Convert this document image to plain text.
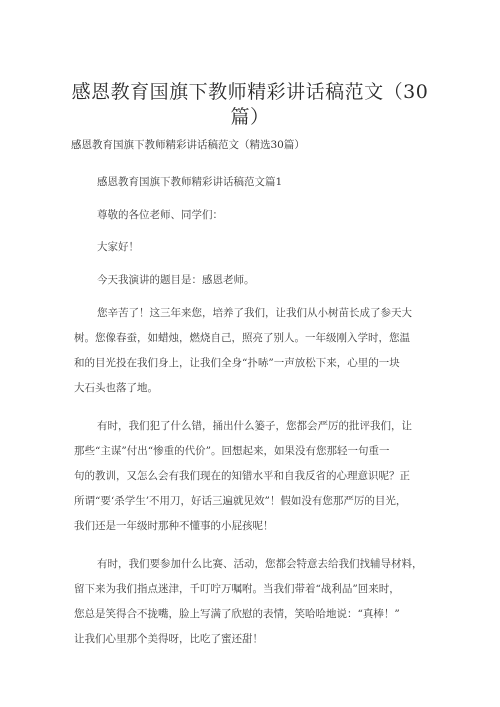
感恩教育国旗下教师精彩讲话稿范文（30篇）
感恩教育国旗下教师精彩讲话稿范文（精选30篇）
感恩教育国旗下教师精彩讲话稿范文篇1
尊敬的各位老师、同学们：
大家好！
今天我演讲的题目是：感恩老师。
您辛苦了！这三年来您，培养了我们，让我们从小树苗长成了参天大
树。您像春蚕，如蜡烛，燃烧自己，照亮了别人。一年级刚入学时，您温
和的目光投在我们身上，让我们全身“扑哧”一声放松下来，心里的一块
大石头也落了地。
有时，我们犯了什么错，捅出什么篓子，您都会严厉的批评我们，让
那些“主谋”付出“惨重的代价”。回想起来，如果没有您那轻一句重一
句的教训，又怎么会有我们现在的知错水平和自我反省的心理意识呢？正
所谓“要‘杀学生’不用刀，好话三遍就见效”！假如没有您那严厉的目光，
我们还是一年级时那种不懂事的小屁孩呢！
有时，我们要参加什么比赛、活动，您都会特意去给我们找辅导材料，
留下来为我们指点迷津，千叮咛万嘱咐。当我们带着“战利品”回来时，
您总是笑得合不拢嘴，脸上写满了欣慰的表情，笑哈哈地说：“真棒！”
让我们心里那个美得呀，比吃了蜜还甜！
